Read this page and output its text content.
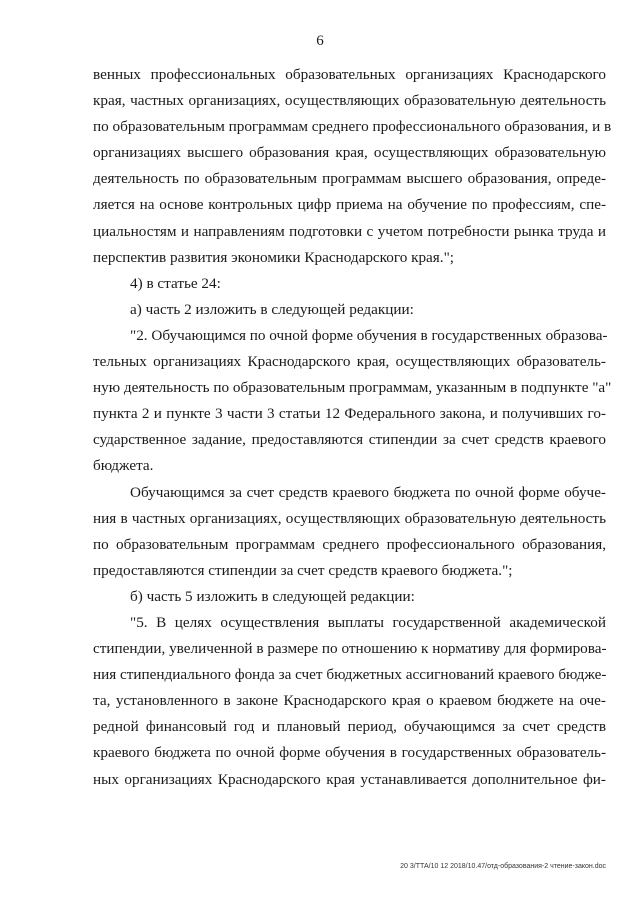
6
венных профессиональных образовательных организациях Краснодарского
края, частных организациях, осуществляющих образовательную деятельность
по образовательным программам среднего профессионального образования, и в
организациях высшего образования края, осуществляющих образовательную
деятельность по образовательным программам высшего образования, опреде-
ляется на основе контрольных цифр приема на обучение по профессиям, спе-
циальностям и направлениям подготовки с учетом потребности рынка труда и
перспектив развития экономики Краснодарского края.";
4) в статье 24:
а) часть 2 изложить в следующей редакции:
"2. Обучающимся по очной форме обучения в государственных образова-
тельных организациях Краснодарского края, осуществляющих образователь-
ную деятельность по образовательным программам, указанным в подпункте "а"
пункта 2 и пункте 3 части 3 статьи 12 Федерального закона, и получивших го-
сударственное задание, предоставляются стипендии за счет средств краевого
бюджета.
Обучающимся за счет средств краевого бюджета по очной форме обуче-
ния в частных организациях, осуществляющих образовательную деятельность
по образовательным программам среднего профессионального образования,
предоставляются стипендии за счет средств краевого бюджета.";
б) часть 5 изложить в следующей редакции:
"5. В целях осуществления выплаты государственной академической
стипендии, увеличенной в размере по отношению к нормативу для формирова-
ния стипендиального фонда за счет бюджетных ассигнований краевого бюдже-
та, установленного в законе Краснодарского края о краевом бюджете на оче-
редной финансовый год и плановый период, обучающимся за счет средств
краевого бюджета по очной форме обучения в государственных образователь-
ных организациях Краснодарского края устанавливается дополнительное фи-
20 3/ТТА/10 12 2018/10.47/отд-образования-2 чтение-закон.doc
